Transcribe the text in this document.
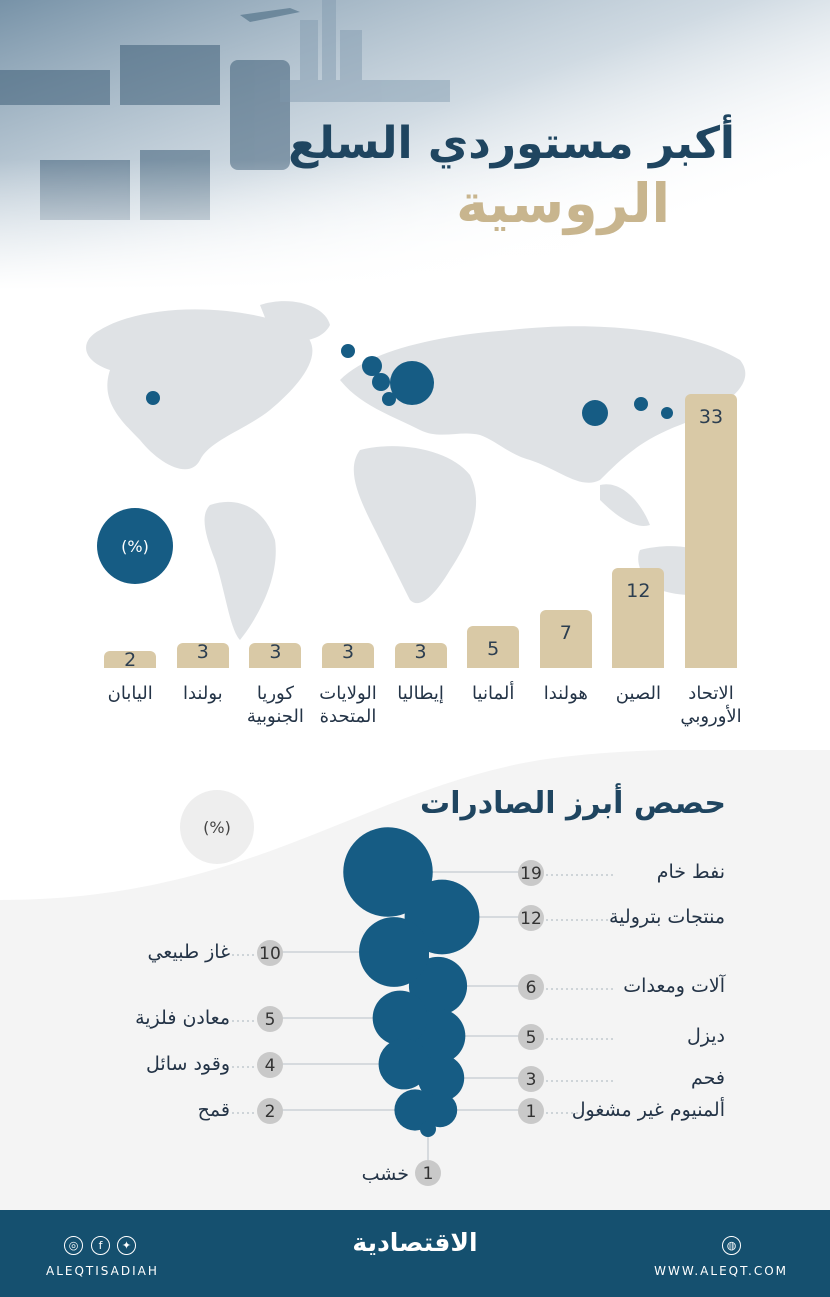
أكبر مستوردي السلع
الروسية
(%)
33
الاتحاد الأوروبي
12
الصين
7
هولندا
5
ألمانيا
3
إيطاليا
3
الولايات المتحدة
3
كوريا الجنوبية
3
بولندا
2
اليابان
حصص أبرز الصادرات
(%)
19	نفط خام
12	منتجات بترولية
6	آلات ومعدات
5	ديزل
3	فحم
1 ألمنيوم غير مشغول
10
غاز طبيعي
5
معادن فلزية
4
وقود سائل
2
قمح
1
خشب
الاقتصادية
ALEQTISADIAH	WWW.ALEQT.COM
◎	f	✦	◍
